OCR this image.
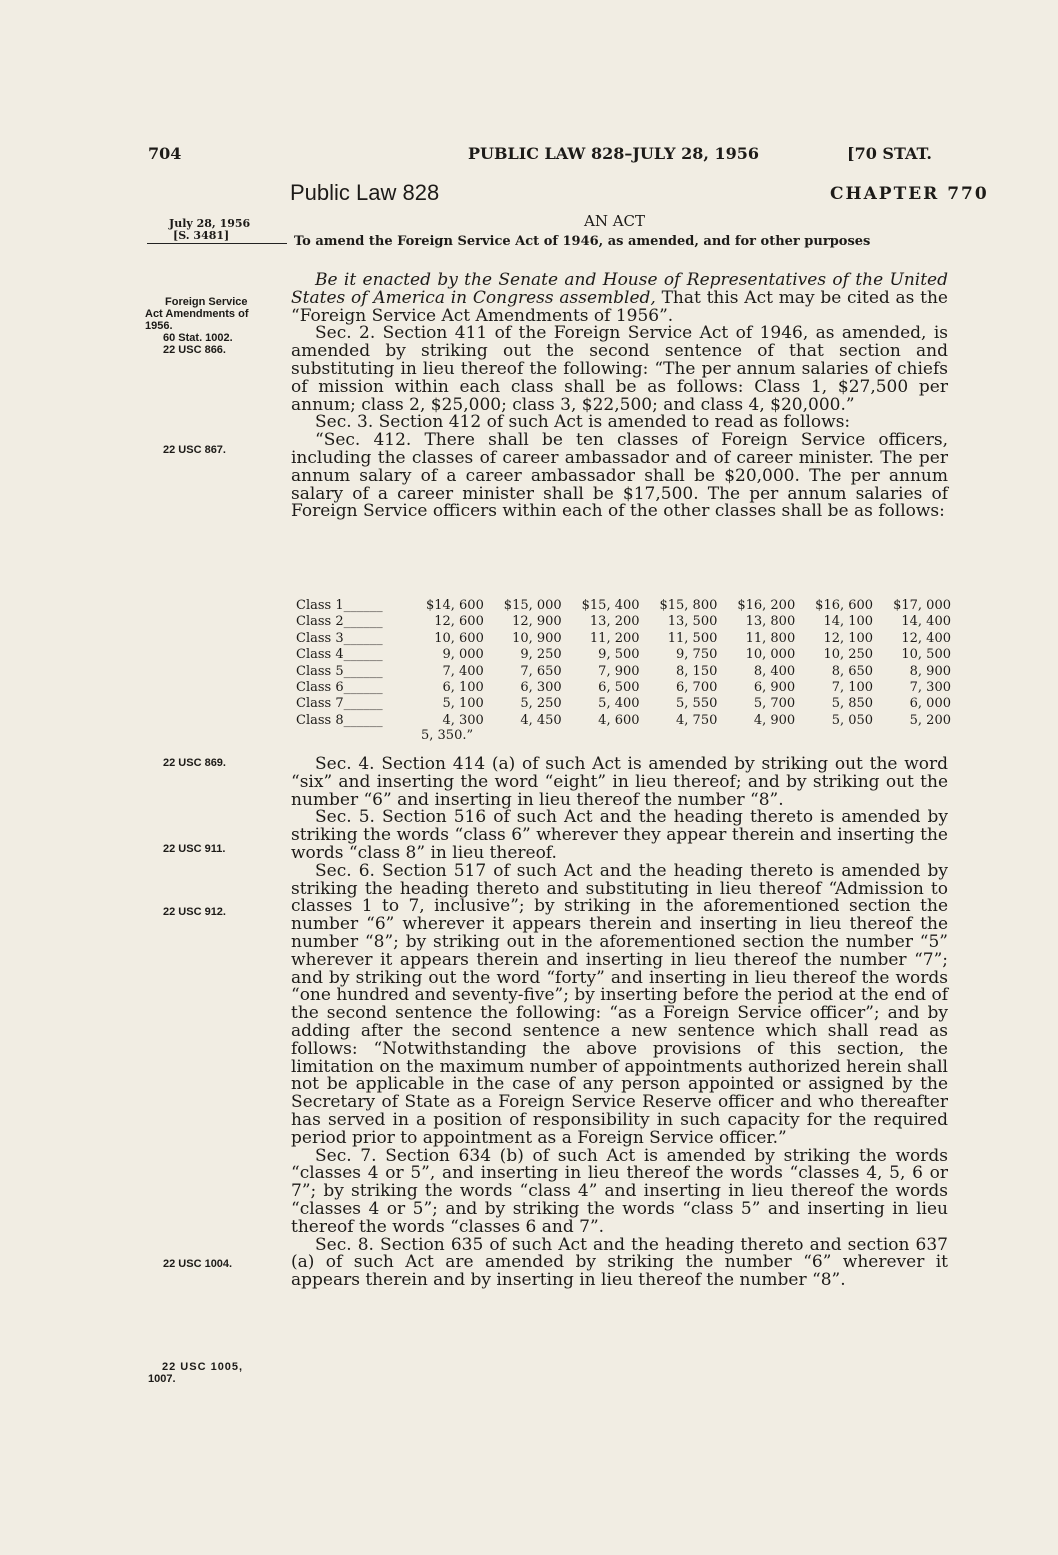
704	PUBLIC LAW 828–JULY 28, 1956	[70 STAT.
Public Law 828	CHAPTER 770
AN ACT
To amend the Foreign Service Act of 1946, as amended, and for other purposes
July 28, 1956
[S. 3481]
Foreign Service
Act Amendments of
1956.
60 Stat. 1002.
22 USC 866.
22 USC 867.
22 USC 869.
22 USC 911.
22 USC 912.
22 USC 1004.
22 USC 1005,
1007.

Be it enacted by the Senate and House of Representatives of the United States of America in Congress assembled, That this Act may be cited as the “Foreign Service Act Amendments of 1956”.

Sec. 2. Section 411 of the Foreign Service Act of 1946, as amended, is amended by striking out the second sentence of that section and substituting in lieu thereof the following: “The per annum salaries of chiefs of mission within each class shall be as follows: Class 1, $27,500 per annum; class 2, $25,000; class 3, $22,500; and class 4, $20,000.”

Sec. 3. Section 412 of such Act is amended to read as follows:

“Sec. 412. There shall be ten classes of Foreign Service officers, including the classes of career ambassador and of career minister. The per annum salary of a career ambassador shall be $20,000. The per annum salary of a career minister shall be $17,500. The per annum salaries of Foreign Service officers within each of the other classes shall be as follows:

Class 1______	$14, 600	$15, 000	$15, 400	$15, 800	$16, 200	$16, 600	$17, 000
Class 2______	12, 600	12, 900	13, 200	13, 500	13, 800	14, 100	14, 400
Class 3______	10, 600	10, 900	11, 200	11, 500	11, 800	12, 100	12, 400
Class 4______	9, 000	9, 250	9, 500	9, 750	10, 000	10, 250	10, 500
Class 5______	7, 400	7, 650	7, 900	8, 150	8, 400	8, 650	8, 900
Class 6______	6, 100	6, 300	6, 500	6, 700	6, 900	7, 100	7, 300
Class 7______	5, 100	5, 250	5, 400	5, 550	5, 700	5, 850	6, 000
Class 8______	4, 300	4, 450	4, 600	4, 750	4, 900	5, 050	5, 200
5, 350.”

Sec. 4. Section 414 (a) of such Act is amended by striking out the word “six” and inserting the word “eight” in lieu thereof; and by striking out the number “6” and inserting in lieu thereof the number “8”.

Sec. 5. Section 516 of such Act and the heading thereto is amended by striking the words “class 6” wherever they appear therein and inserting the words “class 8” in lieu thereof.

Sec. 6. Section 517 of such Act and the heading thereto is amended by striking the heading thereto and substituting in lieu thereof “Admission to classes 1 to 7, inclusive”; by striking in the aforementioned section the number “6” wherever it appears therein and inserting in lieu thereof the number “8”; by striking out in the aforementioned section the number “5” wherever it appears therein and inserting in lieu thereof the number “7”; and by striking out the word “forty” and inserting in lieu thereof the words “one hundred and seventy-five”; by inserting before the period at the end of the second sentence the following: “as a Foreign Service officer”; and by adding after the second sentence a new sentence which shall read as follows: “Notwithstanding the above provisions of this section, the limitation on the maximum number of appointments authorized herein shall not be applicable in the case of any person appointed or assigned by the Secretary of State as a Foreign Service Reserve officer and who thereafter has served in a position of responsibility in such capacity for the required period prior to appointment as a Foreign Service officer.”

Sec. 7. Section 634 (b) of such Act is amended by striking the words “classes 4 or 5”, and inserting in lieu thereof the words “classes 4, 5, 6 or 7”; by striking the words “class 4” and inserting in lieu thereof the words “classes 4 or 5”; and by striking the words “class 5” and inserting in lieu thereof the words “classes 6 and 7”.

Sec. 8. Section 635 of such Act and the heading thereto and section 637 (a) of such Act are amended by striking the number “6” wherever it appears therein and by inserting in lieu thereof the number “8”.
